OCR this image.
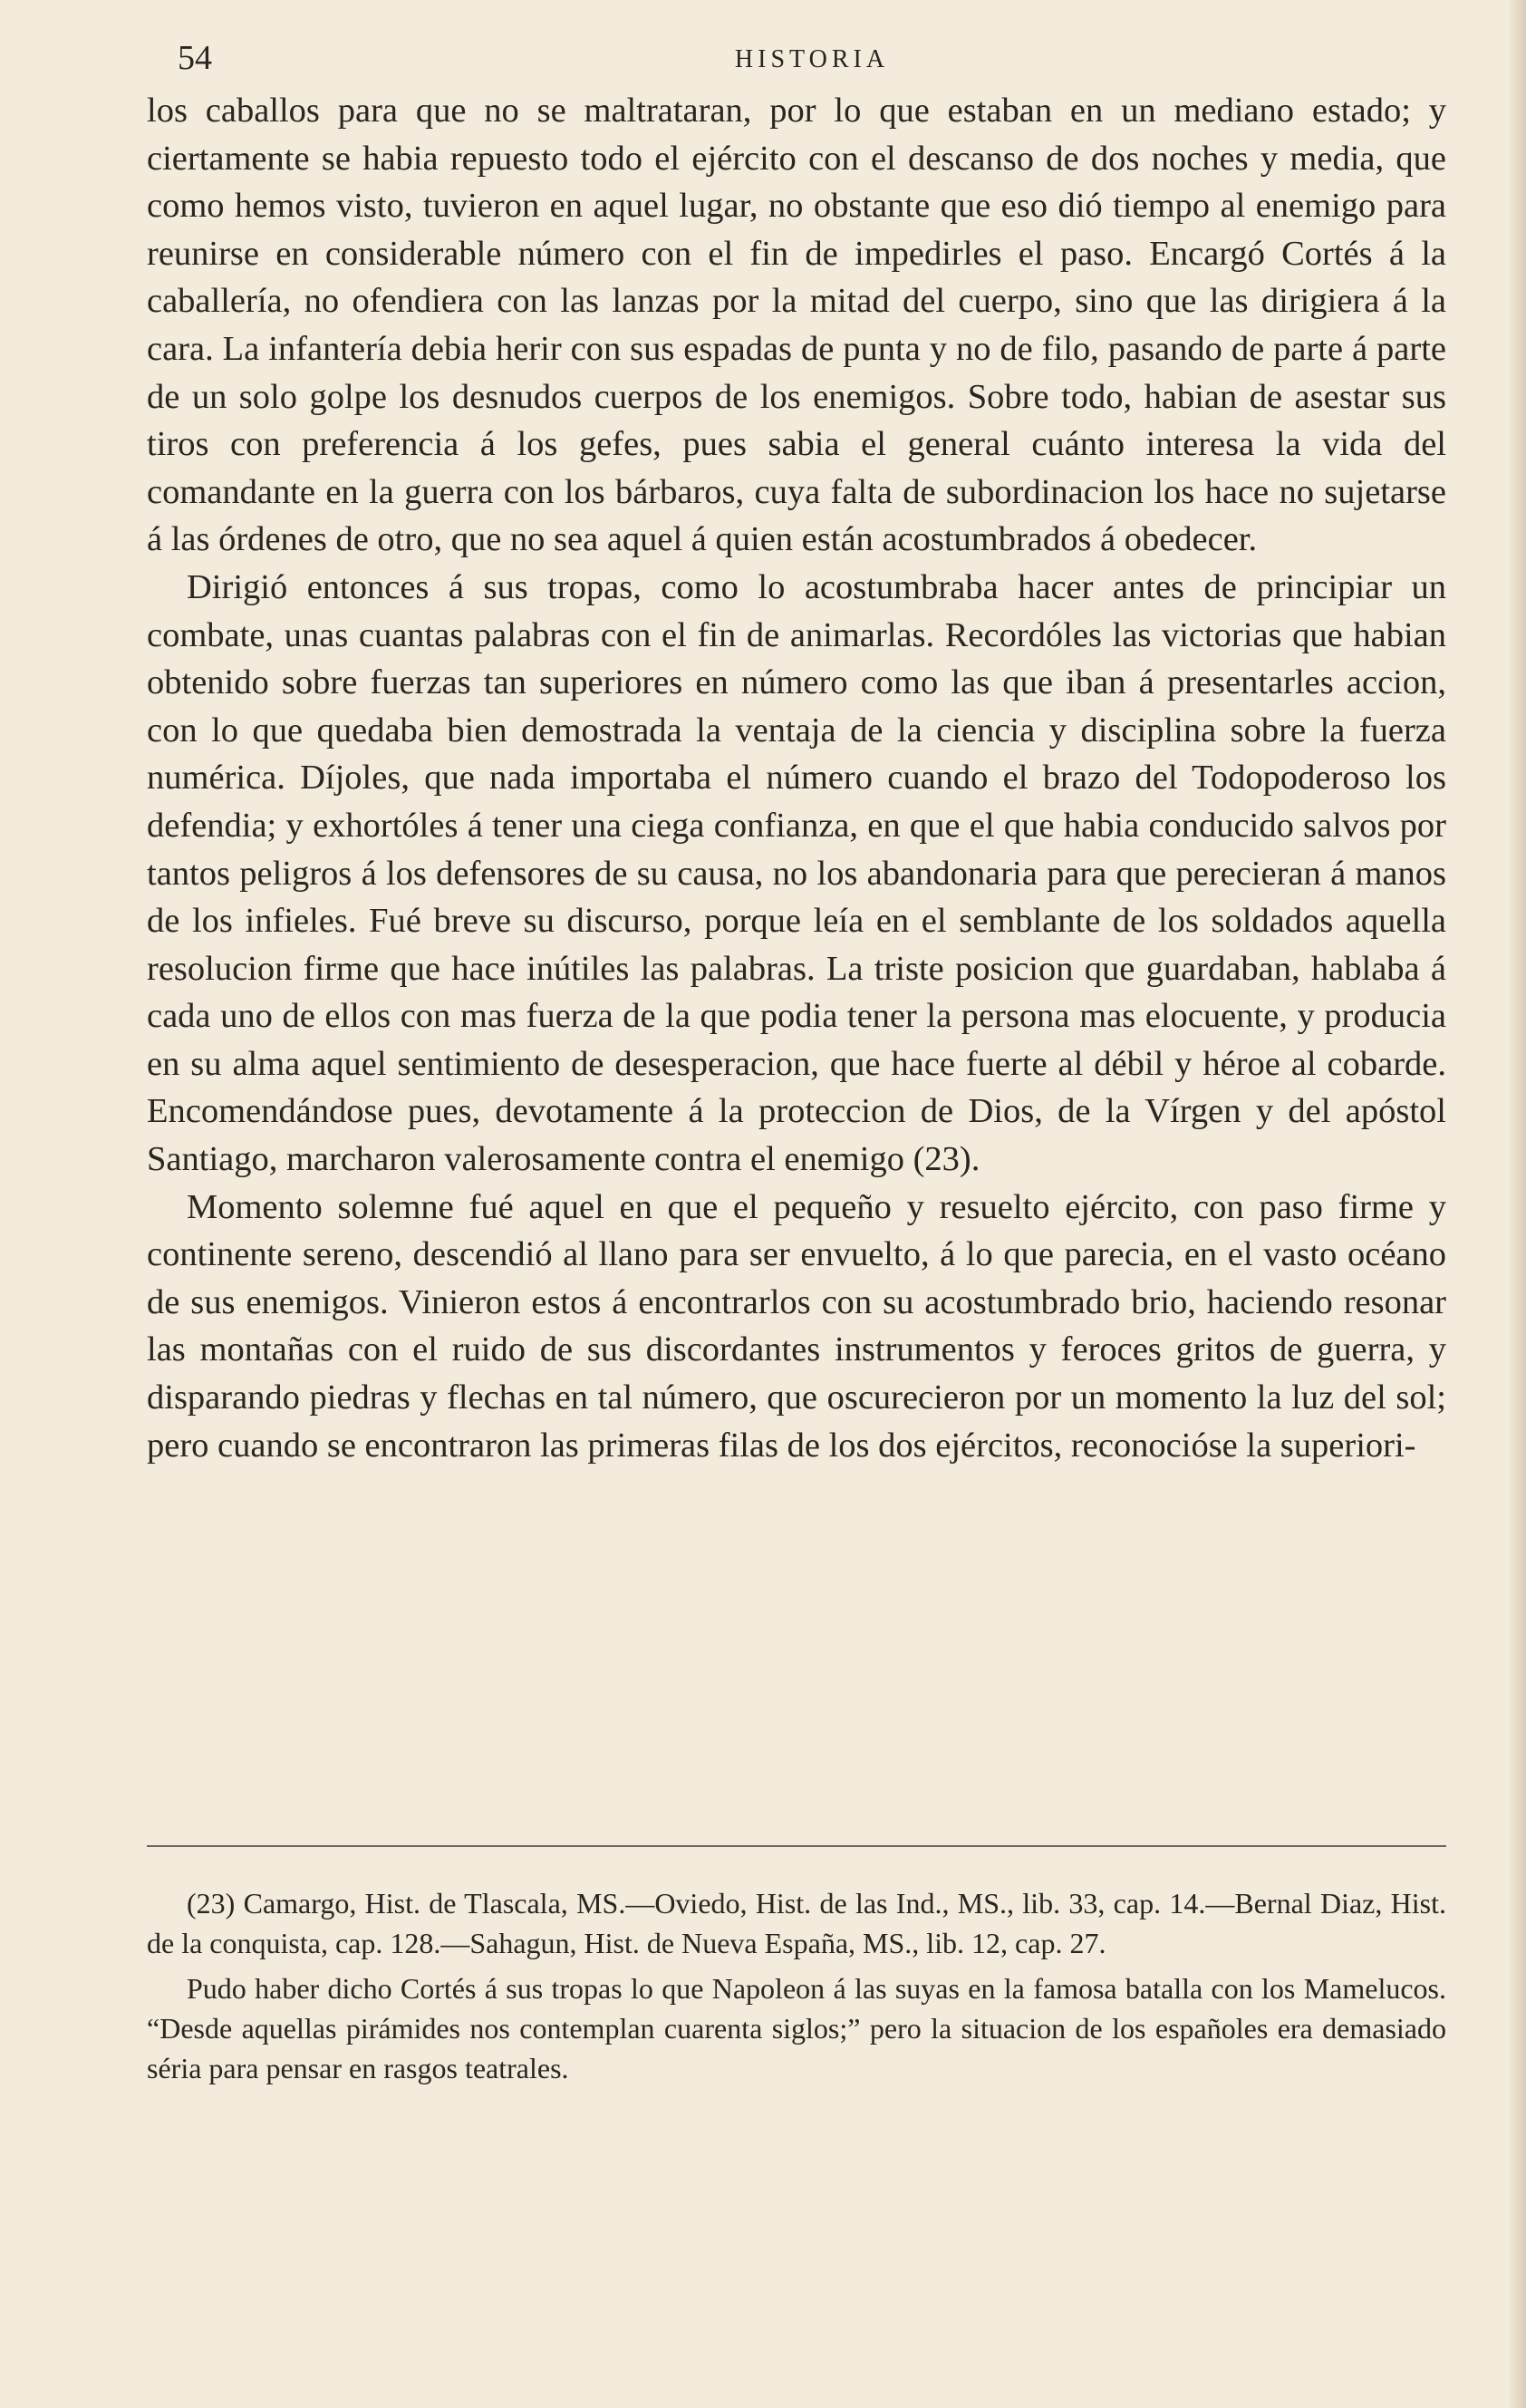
54	HISTORIA

los caballos para que no se maltrataran, por lo que estaban en un mediano estado; y ciertamente se habia repuesto todo el ejército con el descanso de dos noches y media, que como hemos visto, tuvieron en aquel lugar, no obstante que eso dió tiempo al enemigo para reunirse en considerable número con el fin de impedirles el paso. Encargó Cortés á la caballería, no ofendiera con las lanzas por la mitad del cuerpo, sino que las dirigiera á la cara. La infantería debia herir con sus espadas de punta y no de filo, pasando de parte á parte de un solo golpe los desnudos cuerpos de los enemigos. Sobre todo, habian de asestar sus tiros con preferencia á los gefes, pues sabia el general cuánto interesa la vida del comandante en la guerra con los bárbaros, cuya falta de subordinacion los hace no sujetarse á las órdenes de otro, que no sea aquel á quien están acostumbrados á obedecer.

Dirigió entonces á sus tropas, como lo acostumbraba hacer antes de principiar un combate, unas cuantas palabras con el fin de animarlas. Recordóles las victorias que habian obtenido sobre fuerzas tan superiores en número como las que iban á presentarles accion, con lo que quedaba bien demostrada la ventaja de la ciencia y disciplina sobre la fuerza numérica. Díjoles, que nada importaba el número cuando el brazo del Todopoderoso los defendia; y exhortóles á tener una ciega confianza, en que el que habia conducido salvos por tantos peligros á los defensores de su causa, no los abandonaria para que perecieran á manos de los infieles. Fué breve su discurso, porque leía en el semblante de los soldados aquella resolucion firme que hace inútiles las palabras. La triste posicion que guardaban, hablaba á cada uno de ellos con mas fuerza de la que podia tener la persona mas elocuente, y producia en su alma aquel sentimiento de desesperacion, que hace fuerte al débil y héroe al cobarde. Encomendándose pues, devotamente á la proteccion de Dios, de la Vírgen y del apóstol Santiago, marcharon valerosamente contra el enemigo (23).

Momento solemne fué aquel en que el pequeño y resuelto ejército, con paso firme y continente sereno, descendió al llano para ser envuelto, á lo que parecia, en el vasto océano de sus enemigos. Vinieron estos á encontrarlos con su acostumbrado brio, haciendo resonar las montañas con el ruido de sus discordantes instrumentos y feroces gritos de guerra, y disparando piedras y flechas en tal número, que oscurecieron por un momento la luz del sol; pero cuando se encontraron las primeras filas de los dos ejércitos, reconocióse la superiori-

(23) Camargo, Hist. de Tlascala, MS.—Oviedo, Hist. de las Ind., MS., lib. 33, cap. 14.—Bernal Diaz, Hist. de la conquista, cap. 128.—Sahagun, Hist. de Nueva España, MS., lib. 12, cap. 27.

Pudo haber dicho Cortés á sus tropas lo que Napoleon á las suyas en la famosa batalla con los Mamelucos. “Desde aquellas pirámides nos contemplan cuarenta siglos;” pero la situacion de los españoles era demasiado séria para pensar en rasgos teatrales.
